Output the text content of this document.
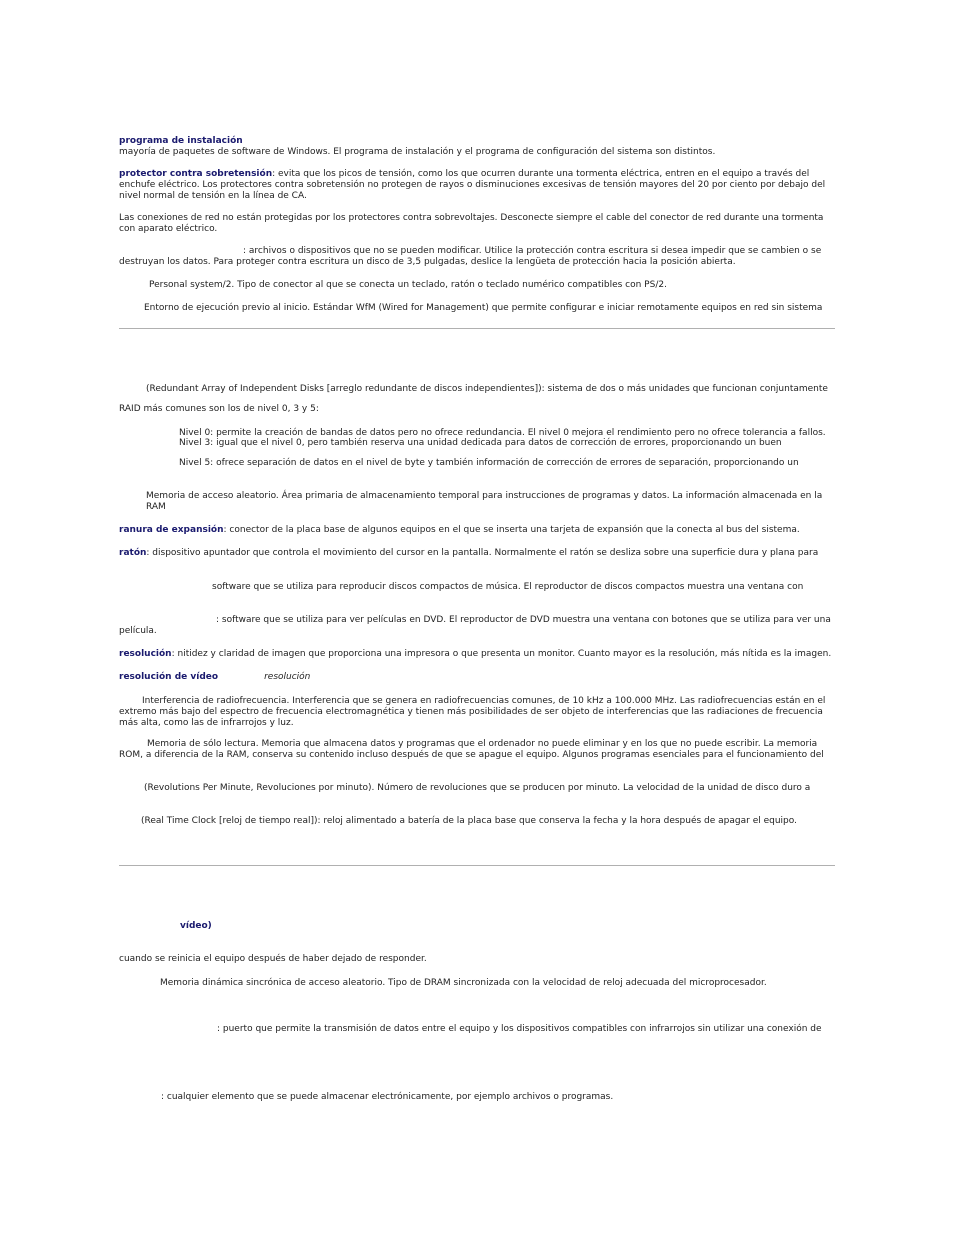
programa de instalación
mayoría de paquetes de software de Windows. El programa de instalación y el programa de configuración del sistema son distintos.

protector contra sobretensión: evita que los picos de tensión, como los que ocurren durante una tormenta eléctrica, entren en el equipo a través del enchufe eléctrico. Los protectores contra sobretensión no protegen de rayos o disminuciones excesivas de tensión mayores del 20 por ciento por debajo del nivel normal de tensión en la línea de CA.

Las conexiones de red no están protegidas por los protectores contra sobrevoltajes. Desconecte siempre el cable del conector de red durante una tormenta con aparato eléctrico.

: archivos o dispositivos que no se pueden modificar. Utilice la protección contra escritura si desea impedir que se cambien o se destruyan los datos. Para proteger contra escritura un disco de 3,5 pulgadas, deslice la lengüeta de protección hacia la posición abierta.

Personal system/2. Tipo de conector al que se conecta un teclado, ratón o teclado numérico compatibles con PS/2.

Entorno de ejecución previo al inicio. Estándar WfM (Wired for Management) que permite configurar e iniciar remotamente equipos en red sin sistema

(Redundant Array of Independent Disks [arreglo redundante de discos independientes]): sistema de dos o más unidades que funcionan conjuntamente

RAID más comunes son los de nivel 0, 3 y 5:

Nivel 0: permite la creación de bandas de datos pero no ofrece redundancia. El nivel 0 mejora el rendimiento pero no ofrece tolerancia a fallos.

Nivel 3: igual que el nivel 0, pero también reserva una unidad dedicada para datos de corrección de errores, proporcionando un buen

Nivel 5: ofrece separación de datos en el nivel de byte y también información de corrección de errores de separación, proporcionando un

Memoria de acceso aleatorio. Área primaria de almacenamiento temporal para instrucciones de programas y datos. La información almacenada en la RAM

ranura de expansión: conector de la placa base de algunos equipos en el que se inserta una tarjeta de expansión que la conecta al bus del sistema.

ratón: dispositivo apuntador que controla el movimiento del cursor en la pantalla. Normalmente el ratón se desliza sobre una superficie dura y plana para

software que se utiliza para reproducir discos compactos de música. El reproductor de discos compactos muestra una ventana con

: software que se utiliza para ver películas en DVD. El reproductor de DVD muestra una ventana con botones que se utiliza para ver una
película.

resolución: nitidez y claridad de imagen que proporciona una impresora o que presenta un monitor. Cuanto mayor es la resolución, más nítida es la imagen.

resolución de vídeo	resolución

Interferencia de radiofrecuencia. Interferencia que se genera en radiofrecuencias comunes, de 10 kHz a 100.000 MHz. Las radiofrecuencias están en el extremo más bajo del espectro de frecuencia electromagnética y tienen más posibilidades de ser objeto de interferencias que las radiaciones de frecuencia más alta, como las de infrarrojos y luz.

Memoria de sólo lectura. Memoria que almacena datos y programas que el ordenador no puede eliminar y en los que no puede escribir. La memoria ROM, a diferencia de la RAM, conserva su contenido incluso después de que se apague el equipo. Algunos programas esenciales para el funcionamiento del

(Revolutions Per Minute, Revoluciones por minuto). Número de revoluciones que se producen por minuto. La velocidad de la unidad de disco duro a

(Real Time Clock [reloj de tiempo real]): reloj alimentado a batería de la placa base que conserva la fecha y la hora después de apagar el equipo.

vídeo)

cuando se reinicia el equipo después de haber dejado de responder.

Memoria dinámica sincrónica de acceso aleatorio. Tipo de DRAM sincronizada con la velocidad de reloj adecuada del microprocesador.

: puerto que permite la transmisión de datos entre el equipo y los dispositivos compatibles con infrarrojos sin utilizar una conexión de

: cualquier elemento que se puede almacenar electrónicamente, por ejemplo archivos o programas.
